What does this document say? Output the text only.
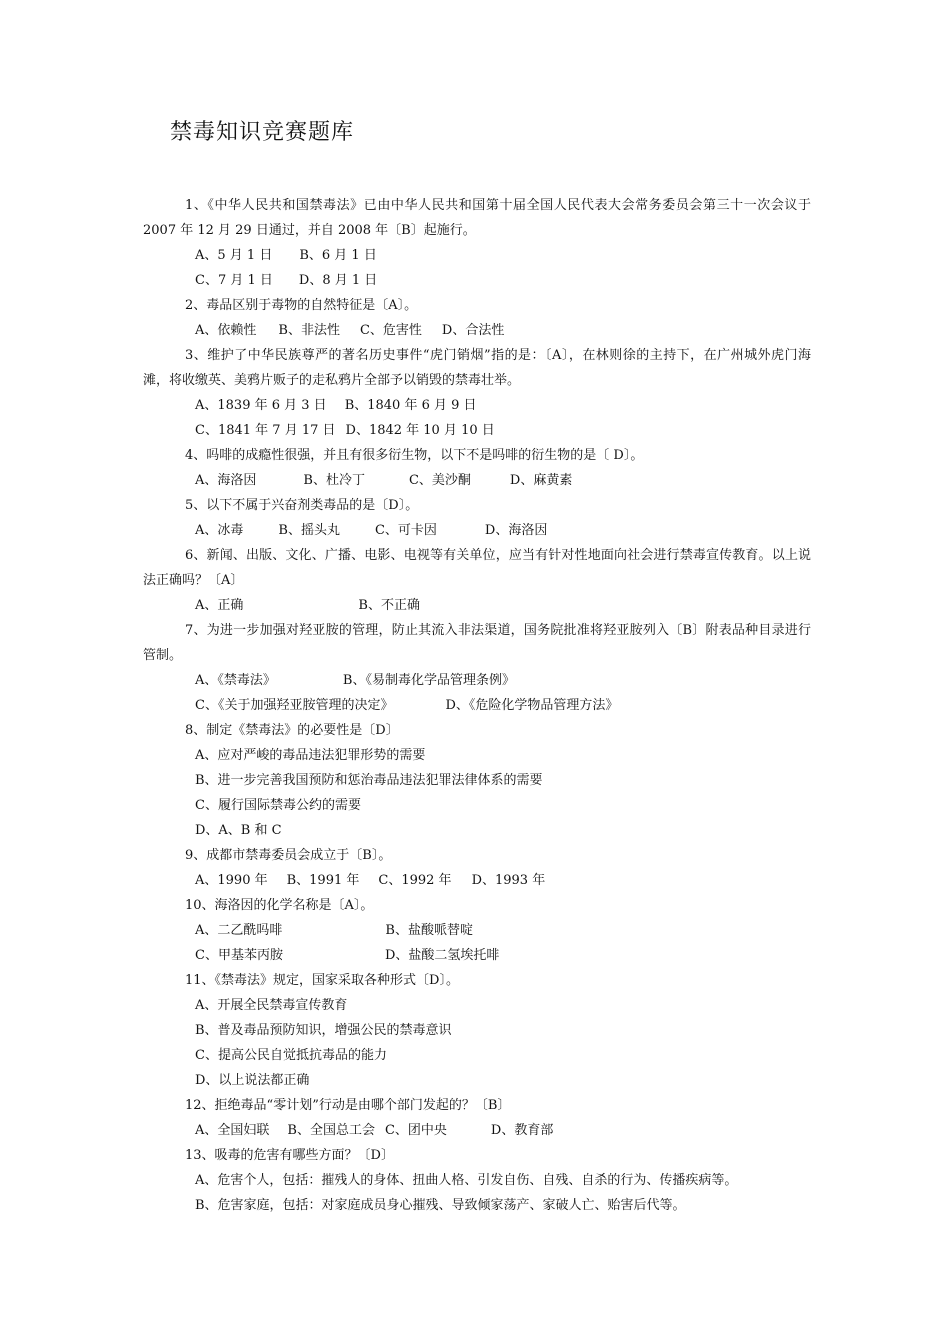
禁毒知识竞赛题库
1、《中华人民共和国禁毒法》已由中华人民共和国第十届全国人民代表大会常务委员会第三十一次会议于 2007 年 12 月 29 日通过，并自 2008 年〔B〕起施行。
A、5 月 1 日 B、6 月 1 日
C、7 月 1 日 D、8 月 1 日
2、毒品区别于毒物的自然特征是〔A〕。
A、依赖性 B、非法性 C、危害性 D、合法性
3、维护了中华民族尊严的著名历史事件“虎门销烟”指的是：〔A〕，在林则徐的主持下，在广州城外虎门海滩，将收缴英、美鸦片贩子的走私鸦片全部予以销毁的禁毒壮举。
A、1839 年 6 月 3 日 B、1840 年 6 月 9 日
C、1841 年 7 月 17 日 D、1842 年 10 月 10 日
4、吗啡的成瘾性很强，并且有很多衍生物，以下不是吗啡的衍生物的是〔 D〕。
A、海洛因	B、杜冷丁	C、美沙酮	D、麻黄素
5、以下不属于兴奋剂类毒品的是〔D〕。
A、冰毒	B、摇头丸	C、可卡因	D、海洛因
6、新闻、出版、文化、广播、电影、电视等有关单位，应当有针对性地面向社会进行禁毒宣传教育。以上说法正确吗？〔A〕
A、正确	B、不正确
7、为进一步加强对羟亚胺的管理，防止其流入非法渠道，国务院批准将羟亚胺列入〔B〕附表品种目录进行管制。
A、《禁毒法》	B、《易制毒化学品管理条例》
C、《关于加强羟亚胺管理的决定》	D、《危险化学物品管理方法》
8、制定《禁毒法》的必要性是〔D〕
A、应对严峻的毒品违法犯罪形势的需要
B、进一步完善我国预防和惩治毒品违法犯罪法律体系的需要
C、履行国际禁毒公约的需要
D、A、B 和 C
9、成都市禁毒委员会成立于〔B〕。
A、1990 年 B、1991 年 C、1992 年 D、1993 年
10、海洛因的化学名称是〔A〕。
A、二乙酰吗啡	B、盐酸哌替啶
C、甲基苯丙胺	D、盐酸二氢埃托啡
11、《禁毒法》规定，国家采取各种形式〔D〕。
A、开展全民禁毒宣传教育
B、普及毒品预防知识，增强公民的禁毒意识
C、提高公民自觉抵抗毒品的能力
D、以上说法都正确
12、拒绝毒品“零计划”行动是由哪个部门发起的？〔B〕
A、全国妇联 B、全国总工会 C、团中央	D、教育部
13、吸毒的危害有哪些方面？〔D〕
A、危害个人，包括：摧残人的身体、扭曲人格、引发自伤、自残、自杀的行为、传播疾病等。
B、危害家庭，包括：对家庭成员身心摧残、导致倾家荡产、家破人亡、贻害后代等。
